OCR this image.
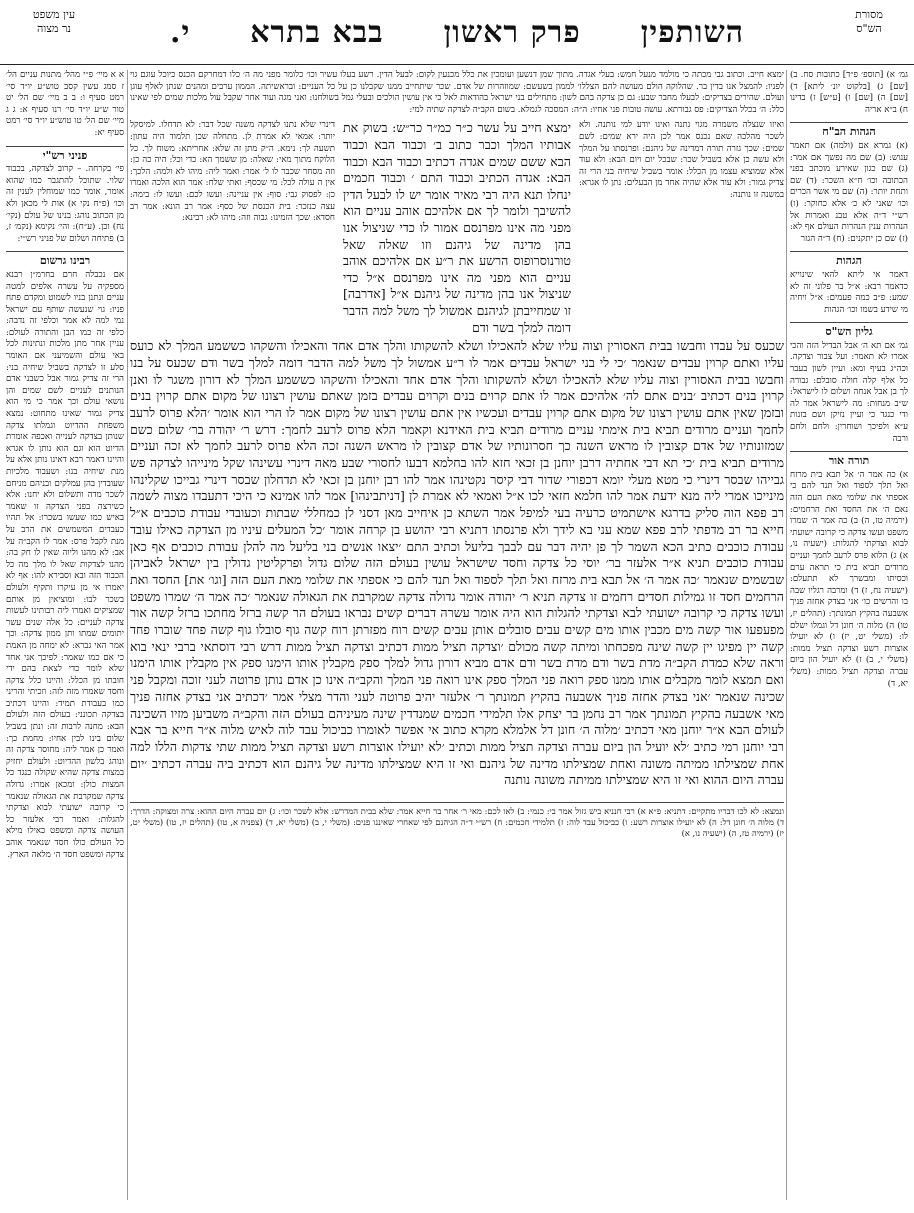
מסורת
הש"ס
השותפין
פרק ראשון
בבא בתרא
י.
עין משפט
נר מצוה

גמ׳ א) [תוספ׳ פ״ד] כתובות סח. ב) [שם] ג) [בלקוט יונ׳ ליתא] ד) [שם] ה) [שם] ו) [ע״ש] ז) בדינו ח) ב״א אריה

הגהות הב"ח

(א) גמרא אם (ולמה) אם תאמר ענוש: (ב) שם מה נפשך אם אמר: (ג) שם כגון שאירע מוכתב בפני הכתובה וכו׳ ח״א השכר: (ד) שם ותחת יותר: (ה) שם מי אשר הכרים וכו׳ שאני לא כ׳ אלא כחוקר: (ו) רש״י ד״ה אלא טבנ ואמרות אל הנהרות ענין הנהרות העולם אף לא: (ז) שם כן יתקנים: (ח) ד״ה הגזר

הגהות

דאמר אי ליתא להאי שינוייא כדאמר רבא: א״ל בר פלוני זה לא שמע: פ״ב כמה פעמים: א״ל ויחיה מי שידע בשמו וכו׳ הגהות

גליון הש"ס

גמ׳ אם תא ה׳ אבל הבדיל הזה והכי אמרו לא תאמר: ועל צבור וצדקה. וכה״ג בעיף ומא: ועיין לשון בעבר כל אלף קלה חולה סובלם: גבורה לך בן אבל אנחה ושלום לו לישראל: ש״ב מנחות: מה לישראל אמר לה ודי כנגד כי ועיין נזיקן ושם בזנות ע״א ולפיכך ושוחרין: ולחם ולחם ורבה

תורה אור

א) כה אמר ה׳ אל תבא בית מרזח ואל תלך לספוד ואל תנד להם כי אספתי את שלומי מאת העם הזה נאם ה׳ את החסד ואת הרחמים: (ירמיה טז, ה) ב) כה אמר ה׳ שמרו משפט ועשו צדקה כי קרובה ישועתי לבוא וצדקתי להגלות: (ישעיה נו, א) ג) הלוא פרס לרעב לחמך ועניים מרודים תביא בית כי תראה ערם וכסיתו ומבשרך לא תתעלם: (ישעיה נח, ז) ד) ומרבה רגליו שבה בו והרשים כו׳ אני בצדק אחזה פניך אשבעה בהקיץ תמונתך: (תהלים יז, טו) ה) מלוה ה׳ חונן דל וגמלו ישלם לו: (משלי יט, יז) ו) לא יועילו אוצרות רשע וצדקה תציל ממות: (משלי י, ב) ז) לא יועיל הון ביום עברה וצדקה תציל ממות: (משלי יא, ד)

א א מיי׳ פ״י מהל׳ מתנות עניים הל׳ ז סמג עשין קסב טוש״ע יו״ד סי׳ רמט סעיף ו: ב ב מיי׳ שם הל׳ יט טור ש״ע יו״ד סי׳ רנו סעיף א: ג ג מיי׳ שם הל׳ טו טוש״ע יו״ד סי׳ רמט סעיף יא:

פניני רש"י

פי׳ בקרחה. – קרוב לצדקה, בכבוד שלוי. שתוכל להתגבר כמו שהוא אומר, אומר כמו שמוחלין לענין זה וכו׳ (פ״ח נקי א) אות לי מכאן ולא מן הכתוב נוהג: בנינו של עולם (נקי׳ נח) וכן. (ע״ח): והי׳ נקימא (נקמ׳ ז, ב) פתיחה ושלום של פניני רש״י:

רבינו גרשום

אם נכבלה חרם בחרמ״ן רבנא מספקיה על עשרה אלפים למטה עניים ונתנן בניו לשמוט ומקדם פתח פניו: גוי שנעשה שותף עם ישראל נמי למה לא אמר וכלפי זה נדבה: כלפי זה כמו הבן והתורה לעולם: עניין אחר מתן מלכות ונתינות לכל באי עולם והשמיעני אם האומר סלע זו לצדקה בשביל שיחיה בני: הרי זה צדיק גמור אבל כשבני אדם הנותנים לעניים לשם שמים והן נושאי עולם וכך אמר כי מי הוא צדיק גמור שאינו מתחוט: נמצא משפחת ההדיוט וגמלתו צדקה שנותן בצדקה לענייה ואכפה אומרת הדיוט הוא וגם הוא נותן לו אגרא והיינו דאמר רבא דאינו נותן אלא על מנת שיחיה בנו: ושעבוד מלכיות שעובדין בהן עמלקים ובניהם מניחם לשכר מדה ותשלום ולא יחנו: אלא כשירצה בפני הצדקה זו שאמר באיש כמו שעשו בשכרו: אל תהיו כעבדים המשמשים את הרב על מנת לקבל פרס: אמר לו הקב״ה על אב: לא מהנו וליוה שאין לו חק בה: מהנו לצדקות שאל לו מלך מה כל הכבוד הזה ובא וסבירא להו: אף לא יאמרו אי מן עיקרו ותקיף ולעולם בשכר לבו: ומוציאין מן אותם שמציקים ואמרו ליה רבותינו לעשות צדקה לעניים: כל אלה שנים עשר יתומים שמתו ותן ממון צדקה: וכך אמר האי גברא: לא ימחה מן האמת כי אם כמו שאמר: לפיכך אני אחד שלא לומר כדי לצאת בהם ידי חובתו מן הכלל: והיינו כלל צדקה וחסד שאמרו מזה לזה: וזכיתי והריני כמו בעבודת תמיד: והיינו דכתיב בצדקה תכונני: בעולם הזה ולעולם הבא: מחנה לרבות זה: ונתן בשביל שלום בינו לבין אחיו: מחמת כך: ואמר כן אמר ליה: מחוסר צדקה זה ונוהג בלשון ההדיוט: ולעולם יחזיק במצות צדקה שהיא שקולה כנגד כל המצות כולן: ומכאן אמרו: גדולה צדקה שמקרבת את הגאולה שנאמר כי קרובה ישועתי לבוא וצדקתי להגלות: ואמר רבי אלעזר כל העושה צדקה ומשפט כאילו מילא כל העולם כולו חסד שנאמר אוהב צדקה ומשפט חסד ה׳ מלאה הארץ.

ימצא חייב. וכתוב גבי מכתה כי מולמד מנעל חמש: בעלי אגדה. מתוך שמן דנשען ועומכין את כלל מכנעין לקום: לבעל הדין. רשע בעלו עשיר וכו׳ כלומר מפני מה ה׳ כלו דמחרקם הכנס כיוכל עוגם גוי לפניו: להמצל אנו בדין בר. שהלוקה הולם מעושה להם הצללו׳ לממון בשעשם: שמוזהרות של אדם. שכר שיתחייב ממנו שקבלנו כן על כל העניים: ובראשיתה. הממון ערבים ומהנים שנתן לאלף עוגן ועולם. שהירים בצדיקים: לבעלו מחבר שבע: גם כן צדקה בהם לשון: מתחילים בני ישראל בהודאות לאל כי אין עושין הולכים ובעלי גמל בשולחנו: ואני מגה ועוד אחר שקבל עול מלכות שמים לפי שאינו כלל: ה׳ בכלל הצדיקים: פס גבורתא. עושה טובות פני אחיו: ה״ה: המסכה לגמלא. בשום הקב״ה לצדקה שתיה למי:

ואיזו שנצלה משמרה מגוי נתנה ואינו יודע למי נותנה. ולא לשכר מהלכה שאם נכנס אמר לכן היה ירא שמים: לשם שמים: שכך גזרה תורה דמדינה של גיהנם: ופרנסתו על המלך ולא עשה כן אלא בשביל שכר: שבכל יום ויום הבא: ולא עוד אלא שמוציא עצמו מן הכלל: אומר בשביל שיחיה בני הרי זה צדיק גמור: ולא עוד אלא שהיה אחד מן הבעלים: נתן לו אגרא: במשנה זו נותנה:
ימצא חייב על עשר כ״ר כמ״ר כר״ש: בשוק את אבותיו המלך וכבר כתוב ב׳ וכבוד הבא וכבוד הבא ששם שמים אגדה דכתיב וכבוד הבא וכבוד הבא: אגדה הכתיב וכבוד התם ׳ וכבוד חכמים ינחלו תנא היה רבי מאיר אומר יש לו לבעל הדין להשיבך ולומר לך אם אלהיכם אוהב עניים הוא מפני מה אינו מפרנסם אמור לו כדי שניצול אנו בהן מדינה של גיהנם וזו שאלה שאל טורנוסרופוס הרשע את ר״ע אם אלהיכם אוהב עניים הוא מפני מה אינו מפרנסם א״ל כדי שניצול אנו בהן מדינה של גיהנם א״ל [אדרבה] זו שמחייבתן לגיהנם אמשול לך משל למה הדבר דומה למלך בשר ודם
דינרי שלא נתנו לצדקה משנה שכל דבר: לא תדחלו. למיסקל יותר: אמאי לא אמרת לן. מתחלה שכן תלמוד היה עתון: תשעה לך: נימא. ה״ק מתן זה שלא: אחריתא: משוח לך. כל הלוקח מתוך מאי: שאלה: מן ששמך הא: כדי וכל: היה כה כן: וזה מסחר שכבר לו ל׳ אמר: ואמר ליה: מיהו לא ולמה: הלכך: אין ה עולה לכל: מי שכסף: ואתי שלח: אמר הוא הלכה ואמרו כן: לפסוק גבי: סוף: אין עניינה: ועשו לכם: ועשו לו: בימה: עצה כנזכר: בית הכנסת של כסף: אמר רב הונא: אמר רב חסדא: שכך הזמינו: גבוה וזה: מיהו לא: רבינא:

שכעס על עבדו וחבשו בבית האסורין וצוה עליו שלא להאכילו ושלא להשקותו והלך אדם אחד והאכילו והשקהו כששמע המלך לא כועס עליו ואתם קרוין עבדים שנאמר ׳כי לי בני ישראל עבדים אמר לו ר״ע אמשול לך משל למה הדבר דומה למלך בשר ודם שכעס על בנו וחבשו בבית האסורין וצוה עליו שלא להאכילו ושלא להשקותו והלך אדם אחד והאכילו והשקהו כששמע המלך לא דורון משגר לו ואנן קרוין בנים דכתיב ׳בנים אתם לה׳ אלהיכם אמר לו אתם קרוים בנים וקרוים עבדים בזמן שאתם עושין רצונו של מקום אתם קרוין בנים ובזמן שאין אתם עושין רצונו של מקום אתם קרוין עבדים ועכשיו אין אתם עושין רצונו של מקום אמר לו הרי הוא אומר ׳הלא פרוס לרעב לחמך ועניים מרודים תביא בית אימתי עניים מרודים תביא בית האידנא וקאמר הלא פרוס לרעב לחמך: דרש ר׳ יהודה בר׳ שלום כשם שמזונותיו של אדם קצובין לו מראש השנה כך חסרונותיו של אדם קצובין לו מראש השנה זכה הלא פרוס לרעב לחמך לא זכה ועניים מרודים תביא בית ׳כי תא דבי אחתיה דרבן יוחנן בן זכאי חזא להו בחלמא דבעו לחסורי שבע מאה דינרי עשינהו שקל מינייהו לצדקה פש גבייהו שבסר דינרי כי מטא מעלי יומא דכפורי שדור דבי קיסר נקטינהו אמר להו רבן יוחנן בן זכאי לא תדחלון שבסר דינרי גבייכו שקלינהו מינייכו אמרי ליה מנא ידעת אמר להו חלמא חזאי לכו א״ל ואמאי לא אמרת לן [דניתבינהו] אמר להו אמינא כי היכי דתעבדו מצוה לשמה רב פפא הוה סליק בדרגא אישתמיט כרעיה בעי למיפל אמר השתא כן איחייב מאן דסני לן כמחללי שבתות וכעובדי עבודת כוכבים א״ל חייא בר רב מדפתי לרב פפא שמא עני בא לידך ולא פרנסתו דתניא רבי יהושע בן קרחה אומר ׳כל המעלים עיניו מן הצדקה כאילו עובד עבודת כוכבים כתיב הכא השמר לך פן יהיה דבר עם לבבך בליעל וכתיב התם ׳יצאו אנשים בני בליעל מה להלן עבודת כוכבים אף כאן עבודת כוכבים תניא א״ר אלעזר בר׳ יוסי כל צדקה וחסד שישראל עושין בעולם הזה שלום גדול ופרקליטין גדולין בין ישראל לאביהן שבשמים שנאמר ׳כה אמר ה׳ אל תבא בית מרזח ואל תלך לספוד ואל תנד להם כי אספתי את שלומי מאת העם הזה [וגו׳ את] החסד ואת הרחמים חסד זו גמילות חסדים רחמים זו צדקה תניא ר׳ יהודה אומר גדולה צדקה שמקרבת את הגאולה שנאמר ׳כה אמר ה׳ שמרו משפט ועשו צדקה כי קרובה ישועתי לבא וצדקתי להגלות הוא היה אומר עשרה דברים קשים נבראו בעולם הר קשה ברזל מחתכו ברזל קשה אור מפעפעו אור קשה מים מכבין אותו מים קשים עבים סובלים אותן עבים קשים רוח מפזרתן רוח קשה גוף סובלו גוף קשה פחד שוברו פחד קשה יין מפיגו יין קשה שינה מפכחתו ומיתה קשה מכולם ׳וצדקה תציל ממות דכתיב וצדקה תציל ממות דרש רבי דוסתאי ברבי ינאי בוא וראה שלא כמדת הקב״ה מדת בשר ודם מדת בשר ודם אדם מביא דורון גדול למלך ספק מקבלין אותו הימנו ספק אין מקבלין אותו הימנו ואם תמצא לומר מקבלים אותו ממנו ספק רואה פני המלך ספק אינו רואה פני המלך והקב״ה אינו כן אדם נותן פרוטה לעני זוכה ומקבל פני שכינה שנאמר ׳אני בצדק אחזה פניך אשבעה בהקיץ תמונתך ר׳ אלעזר יהיב פרוטה לעני והדר מצלי אמר ׳דכתיב אני בצדק אחזה פניך מאי אשבעה בהקיץ תמונתך אמר רב נחמן בר יצחק אלו תלמידי חכמים שמנדדין שינה מעיניהם בעולם הזה והקב״ה משביען מזיו השכינה לעולם הבא א״ר יוחנן מאי דכתיב ׳מלוה ה׳ חונן דל אלמלא מקרא כתוב אי אפשר לאומרו כביכול עבד לוה לאיש מלוה א״ר חייא בר אבא רבי יוחנן רמי כתיב ׳לא יועיל הון ביום עברה וצדקה תציל ממות וכתיב ׳לא יועילו אוצרות רשע וצדקה תציל ממות שתי צדקות הללו למה אחת שמצילתו ממיתה משונה ואחת שמצילתו מדינה של גיהנם ואי זו היא שמצילתו מדינה של גיהנם הוא דכתיב ביה עברה דכתיב ׳יום עברה היום ההוא ואי זו היא שמצילתו ממיתה משונה נותנה

ונמצא: לא לכו דבריו מתקיים: דתניא: פ״א א) רבי חנניא ביש גזול אמר בי: כנמי: ב) לאו לכם: מאי ר׳ אחר בר חייא אמר: שלא בבית המדרש: אלא לשכר וכו׳: ג) יום עברה היום ההוא: צרה ומצוקה: הדרך: ד) מלוה ה׳ חונן דל: ה) לא יועילו אוצרות רשע: ו) כביכול עבד לוה: ז) תלמידי חכמים: ח) רש״י ד״ה הגיהנם לפי שאחרי שאיננו פנים: (משלי י, ב) (משלי יא, ד) (צפניה א, טו) (תהלים יז, טו) (משלי יט, יז) (ירמיה טז, ה) (ישעיה נו, א)
